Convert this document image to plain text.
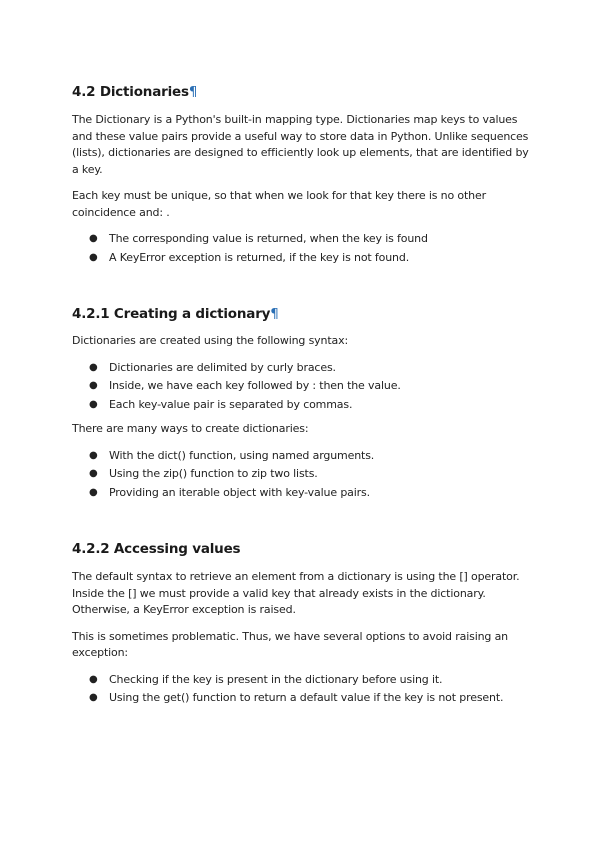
4.2 Dictionaries¶

The Dictionary is a Python's built-in mapping type. Dictionaries map keys to values and these value pairs provide a useful way to store data in Python. Unlike sequences (lists), dictionaries are designed to efficiently look up elements, that are identified by a key.

Each key must be unique, so that when we look for that key there is no other coincidence and: .

● The corresponding value is returned, when the key is found
● A KeyError exception is returned, if the key is not found.
4.2.1 Creating a dictionary¶

Dictionaries are created using the following syntax:

● Dictionaries are delimited by curly braces.
● Inside, we have each key followed by : then the value.
● Each key-value pair is separated by commas.

There are many ways to create dictionaries:

● With the dict() function, using named arguments.
● Using the zip() function to zip two lists.
● Providing an iterable object with key-value pairs.
4.2.2 Accessing values

The default syntax to retrieve an element from a dictionary is using the [] operator. Inside the [] we must provide a valid key that already exists in the dictionary. Otherwise, a KeyError exception is raised.

This is sometimes problematic. Thus, we have several options to avoid raising an exception:

● Checking if the key is present in the dictionary before using it.
● Using the get() function to return a default value if the key is not present.
